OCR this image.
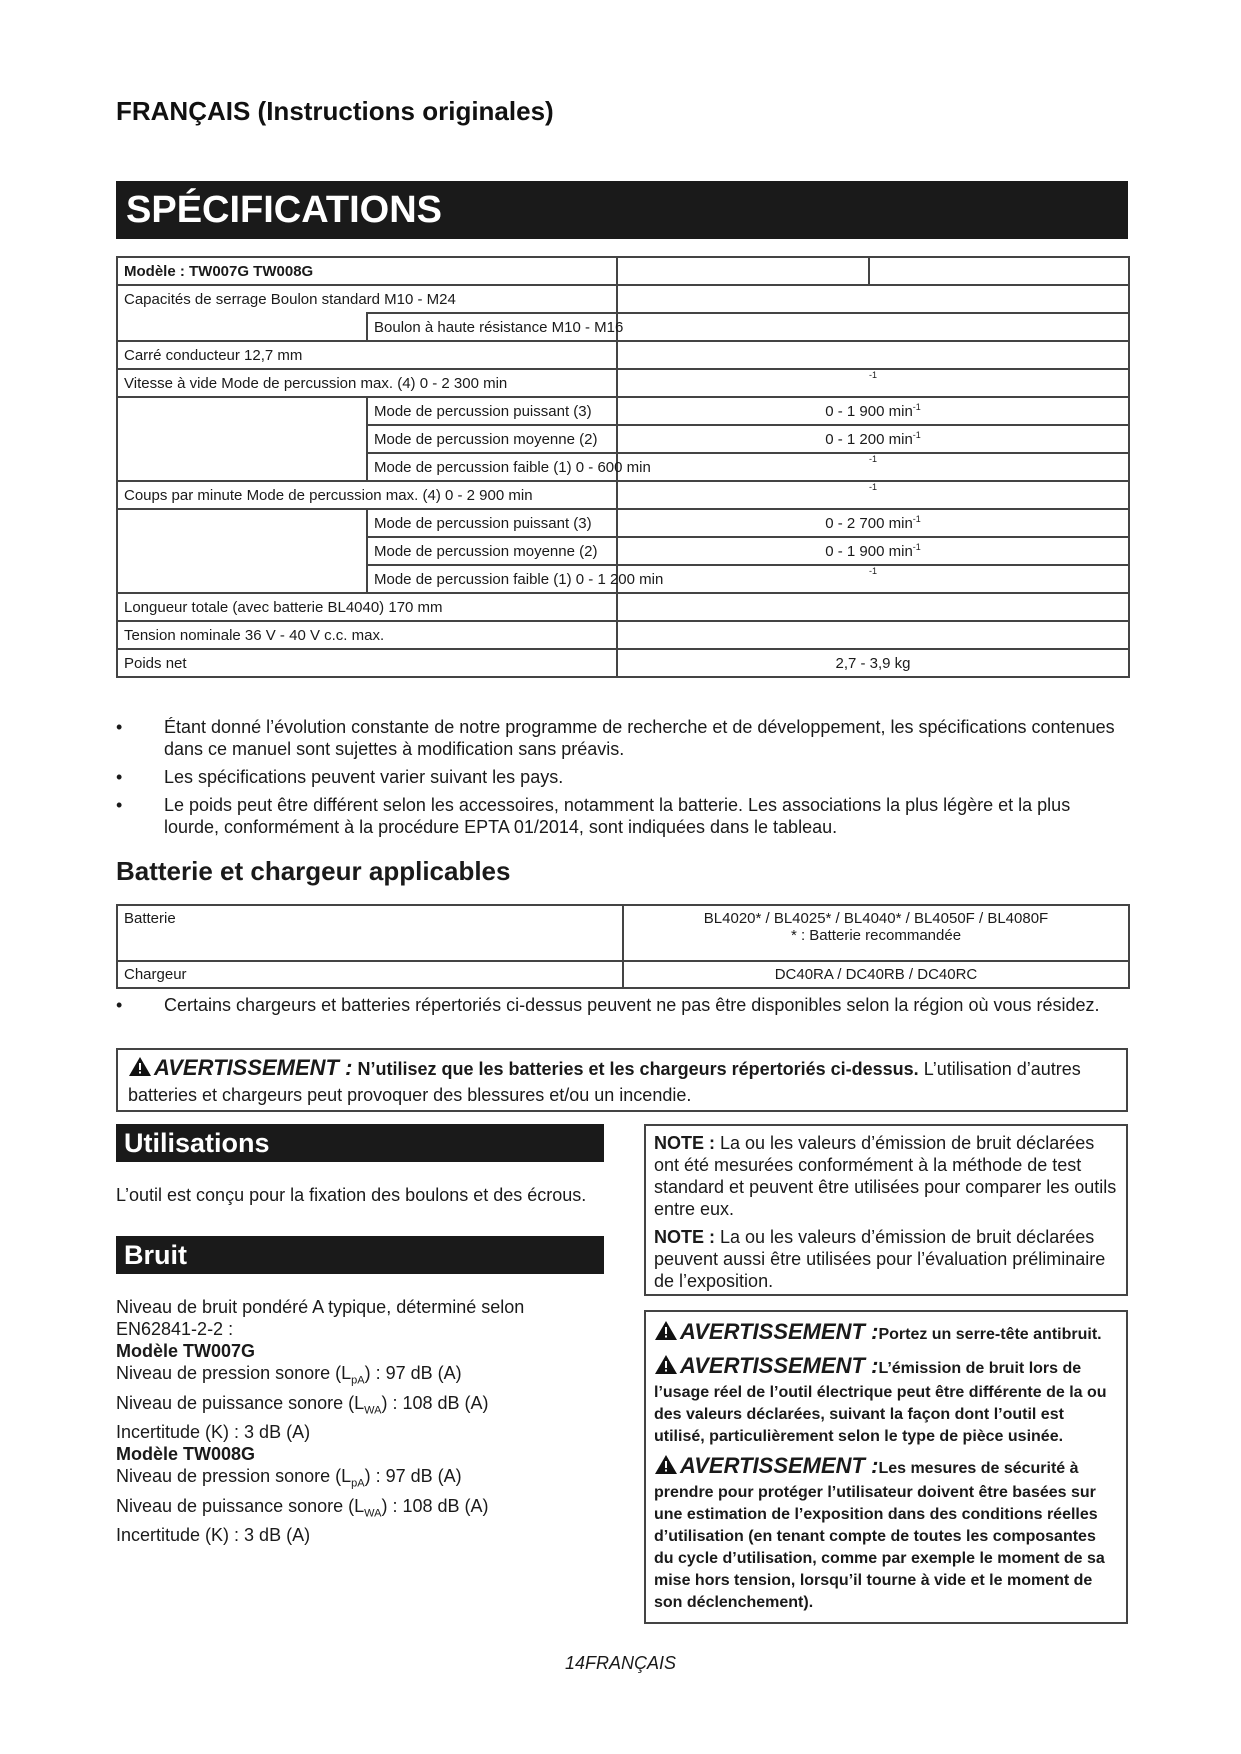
FRANÇAIS (Instructions originales)
SPÉCIFICATIONS
Modèle : TW007G TW008G			
Capacités de serrage Boulon standard M10 - M24			
	Boulon à haute résistance M10 - M16		
Carré conducteur 12,7 mm			
Vitesse à vide Mode de percussion max. (4) 0 - 2 300 min		-1	
	Mode de percussion puissant (3)	0 - 1 900 $\min^{-1}$
	Mode de percussion moyenne (2)	0 - 1 200 $\min^{-1}$
	Mode de percussion faible (1) 0 - 600 min	-1	
Coups par minute Mode de percussion max. (4) 0 - 2 900 min		-1	
	Mode de percussion puissant (3)	0 - 2 700 $\min^{-1}$
	Mode de percussion moyenne (2)	0 - 1 900 $\min^{-1}$
	Mode de percussion faible (1) 0 - 1 200 min	-1	
Longueur totale (avec batterie BL4040) 170 mm			
Tension nominale 36 V - 40 V c.c. max.			
Poids net		2,7 - 3,9 kg	
• Étant donné l’évolution constante de notre programme de recherche et de développement, les spécifications contenues dans ce manuel sont sujettes à modification sans préavis.
• Les spécifications peuvent varier suivant les pays.
• Le poids peut être différent selon les accessoires, notamment la batterie. Les associations la plus légère et la plus lourde, conformément à la procédure EPTA 01/2014, sont indiquées dans le tableau.
Batterie et chargeur applicables
Batterie	BL4020* / BL4025* / BL4040* / BL4050F / BL4080F
* : Batterie recommandée

Chargeur	DC40RA / DC40RB / DC40RC
• Certains chargeurs et batteries répertoriés ci-dessus peuvent ne pas être disponibles selon la région où vous résidez.
AVERTISSEMENT : N’utilisez que les batteries et les chargeurs répertoriés ci-dessus. L’utilisation d’autres batteries et chargeurs peut provoquer des blessures et/ou un incendie.
Utilisations
L’outil est conçu pour la fixation des boulons et des écrous.
Bruit

Niveau de bruit pondéré A typique, déterminé selon EN62841-2-2 :

Modèle TW007G

Niveau de pression sonore $(L_{pA})$ : 97 dB (A)

Niveau de puissance sonore $(L_{WA})$ : 108 dB (A)

Incertitude (K) : 3 dB (A)

Modèle TW008G

Niveau de pression sonore $(L_{pA})$ : 97 dB (A)

Niveau de puissance sonore $(L_{WA})$ : 108 dB (A)

Incertitude (K) : 3 dB (A)

NOTE : La ou les valeurs d’émission de bruit déclarées ont été mesurées conformément à la méthode de test standard et peuvent être utilisées pour comparer les outils entre eux.

NOTE : La ou les valeurs d’émission de bruit déclarées peuvent aussi être utilisées pour l’évaluation préliminaire de l’exposition.

AVERTISSEMENT :Portez un serre-tête antibruit.

AVERTISSEMENT :L’émission de bruit lors de l’usage réel de l’outil électrique peut être différente de la ou des valeurs déclarées, suivant la façon dont l’outil est utilisé, particulièrement selon le type de pièce usinée.

AVERTISSEMENT :Les mesures de sécurité à prendre pour protéger l’utilisateur doivent être basées sur une estimation de l’exposition dans des conditions réelles d’utilisation (en tenant compte de toutes les composantes du cycle d’utilisation, comme par exemple le moment de sa mise hors tension, lorsqu’il tourne à vide et le moment de son déclenchement).

14FRANÇAIS
